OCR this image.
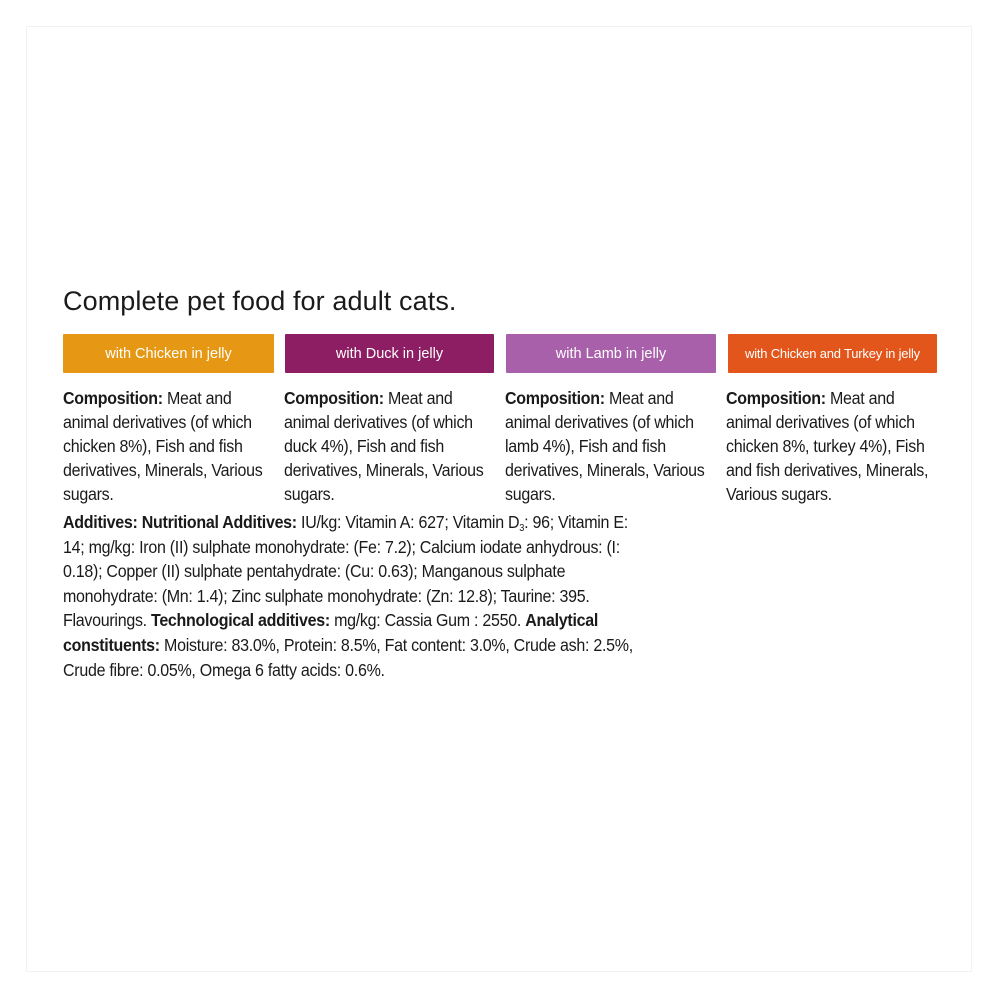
Complete pet food for adult cats.
with Chicken in jelly	with Duck in jelly	with Lamb in jelly	with Chicken and Turkey in jelly
Composition: Meat and animal derivatives (of which chicken 8%), Fish and fish derivatives, Minerals, Various sugars.
Composition: Meat and animal derivatives (of which duck 4%), Fish and fish derivatives, Minerals, Various sugars.
Composition: Meat and animal derivatives (of which lamb 4%), Fish and fish derivatives, Minerals, Various sugars.
Composition: Meat and animal derivatives (of which chicken 8%, turkey 4%), Fish and fish derivatives, Minerals, Various sugars.
Additives: Nutritional Additives: IU/kg: Vitamin A: 627; Vitamin $D_3$: 96; Vitamin E: 14; mg/kg: Iron (II) sulphate monohydrate: (Fe: 7.2); Calcium iodate anhydrous: (I: 0.18); Copper (II) sulphate pentahydrate: (Cu: 0.63); Manganous sulphate monohydrate: (Mn: 1.4); Zinc sulphate monohydrate: (Zn: 12.8); Taurine: 395. Flavourings. Technological additives: mg/kg: Cassia Gum : 2550. Analytical constituents: Moisture: 83.0%, Protein: 8.5%, Fat content: 3.0%, Crude ash: 2.5%, Crude fibre: 0.05%, Omega 6 fatty acids: 0.6%.
